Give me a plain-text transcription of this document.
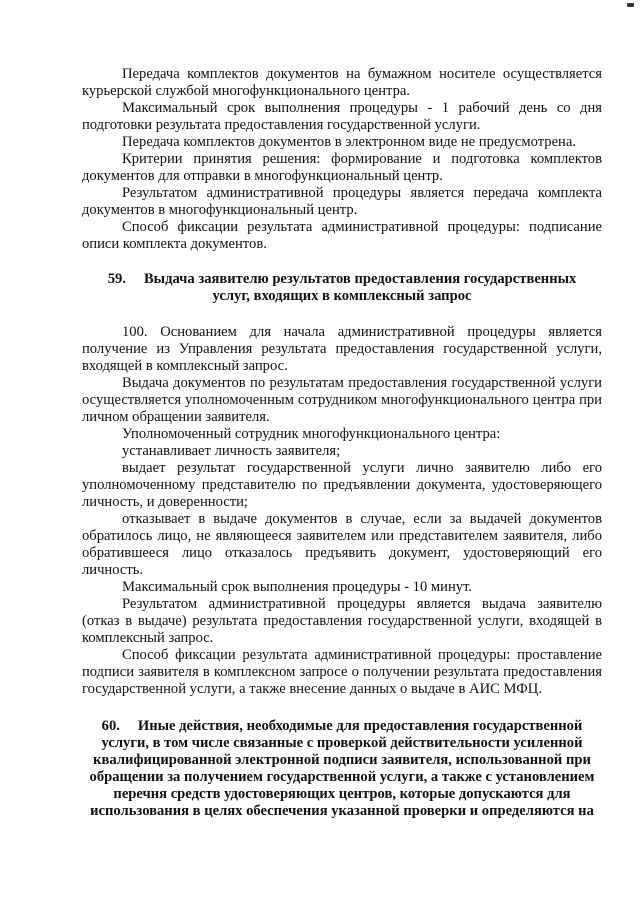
Передача комплектов документов на бумажном носителе осуществляется курьерской службой многофункционального центра.

Максимальный срок выполнения процедуры - 1 рабочий день со дня подготовки результата предоставления государственной услуги.

Передача комплектов документов в электронном виде не предусмотрена.

Критерии принятия решения: формирование и подготовка комплектов документов для отправки в многофункциональный центр.

Результатом административной процедуры является передача комплекта документов в многофункциональный центр.

Способ фиксации результата административной процедуры: подписание описи комплекта документов.

59. Выдача заявителю результатов предоставления государственных
услуг, входящих в комплексный запрос

100. Основанием для начала административной процедуры является получение из Управления результата предоставления государственной услуги, входящей в комплексный запрос.

Выдача документов по результатам предоставления государственной услуги осуществляется уполномоченным сотрудником многофункционального центра при личном обращении заявителя.

Уполномоченный сотрудник многофункционального центра:

устанавливает личность заявителя;

выдает результат государственной услуги лично заявителю либо его уполномоченному представителю по предъявлении документа, удостоверяющего личность, и доверенности;

отказывает в выдаче документов в случае, если за выдачей документов обратилось лицо, не являющееся заявителем или представителем заявителя, либо обратившееся лицо отказалось предъявить документ, удостоверяющий его личность.

Максимальный срок выполнения процедуры - 10 минут.

Результатом административной процедуры является выдача заявителю (отказ в выдаче) результата предоставления государственной услуги, входящей в комплексный запрос.

Способ фиксации результата административной процедуры: проставление подписи заявителя в комплексном запросе о получении результата предоставления государственной услуги, а также внесение данных о выдаче в АИС МФЦ.

60. Иные действия, необходимые для предоставления государственной
услуги, в том числе связанные с проверкой действительности усиленной
квалифицированной электронной подписи заявителя, использованной при
обращении за получением государственной услуги, а также с установлением
перечня средств удостоверяющих центров, которые допускаются для
использования в целях обеспечения указанной проверки и определяются на
